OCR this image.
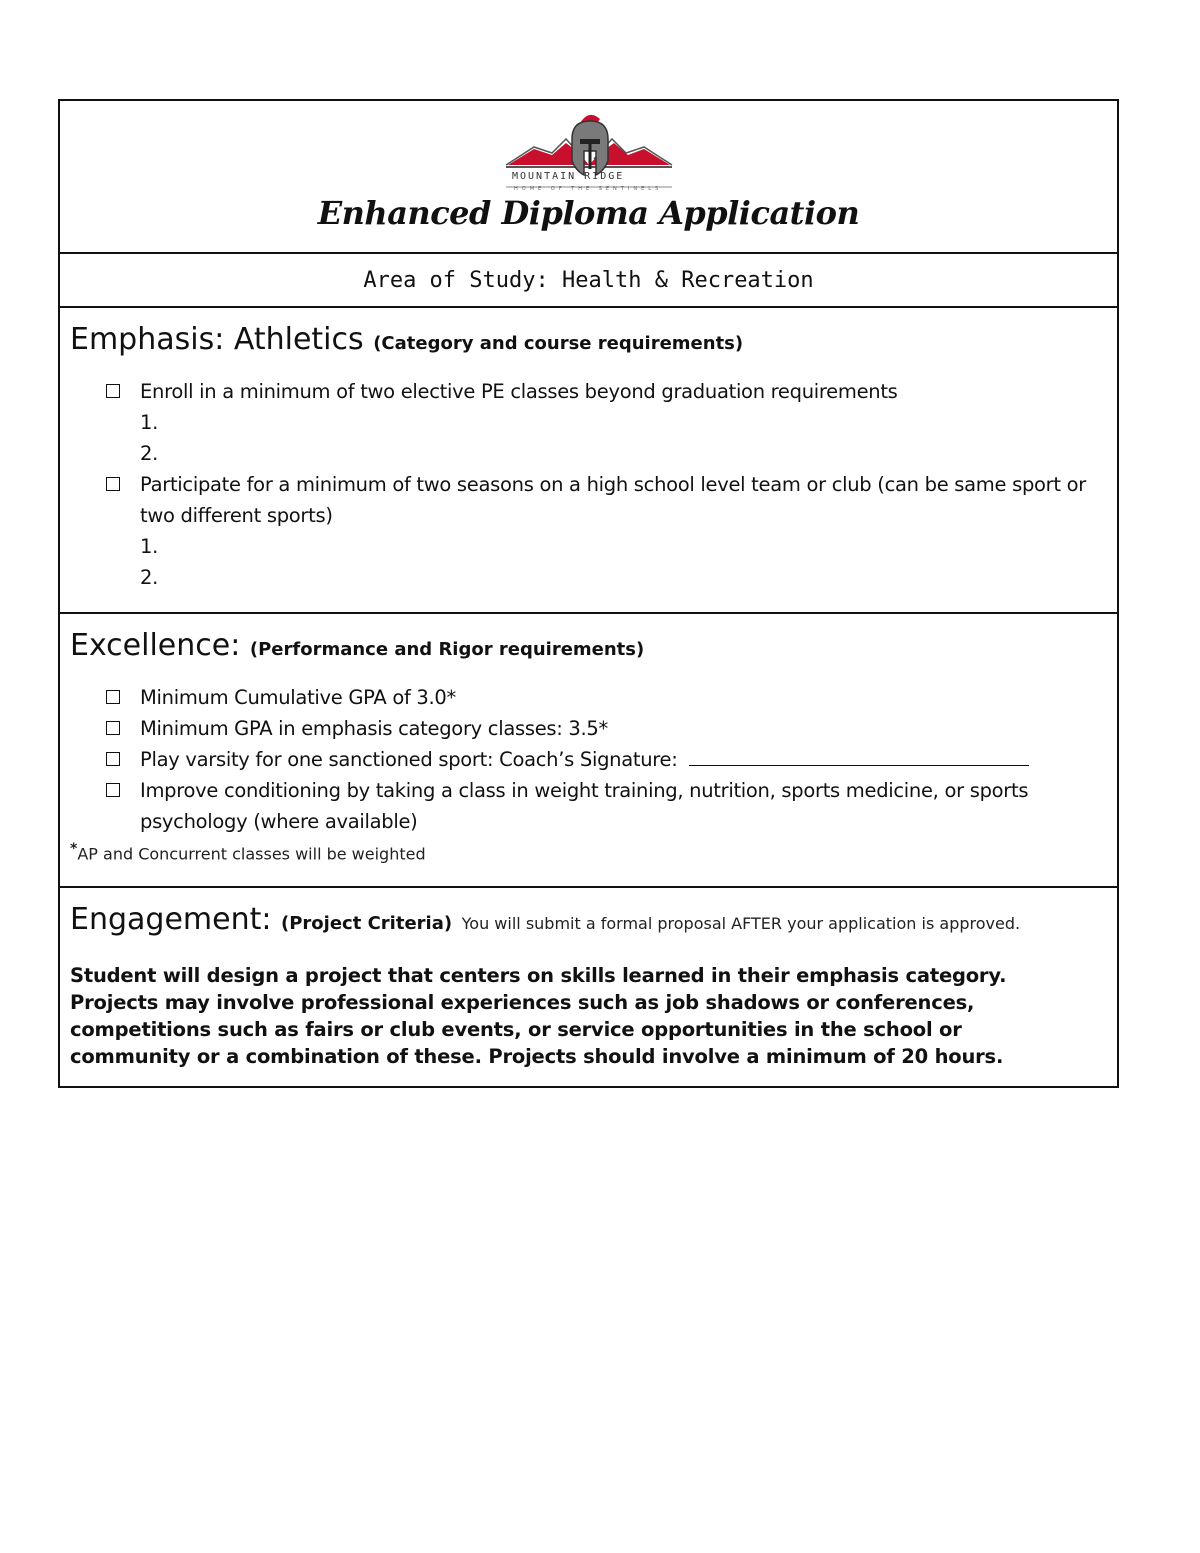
MOUNTAIN RIDGE
HOME OF THE SENTINELS
Enhanced Diploma Application
Area of Study: Health & Recreation
Emphasis: Athletics (Category and course requirements)
Enroll in a minimum of two elective PE classes beyond graduation requirements
1.
2.
Participate for a minimum of two seasons on a high school level team or club (can be same sport or two different sports)
1.
2.
Excellence: (Performance and Rigor requirements)
Minimum Cumulative GPA of 3.0*
Minimum GPA in emphasis category classes: 3.5*
Play varsity for one sanctioned sport: Coach’s Signature:
Improve conditioning by taking a class in weight training, nutrition, sports medicine, or sports psychology (where available)
*AP and Concurrent classes will be weighted
Engagement: (Project Criteria) You will submit a formal proposal AFTER your application is approved.
Student will design a project that centers on skills learned in their emphasis category. Projects may involve professional experiences such as job shadows or conferences, competitions such as fairs or club events, or service opportunities in the school or community or a combination of these. Projects should involve a minimum of 20 hours.
